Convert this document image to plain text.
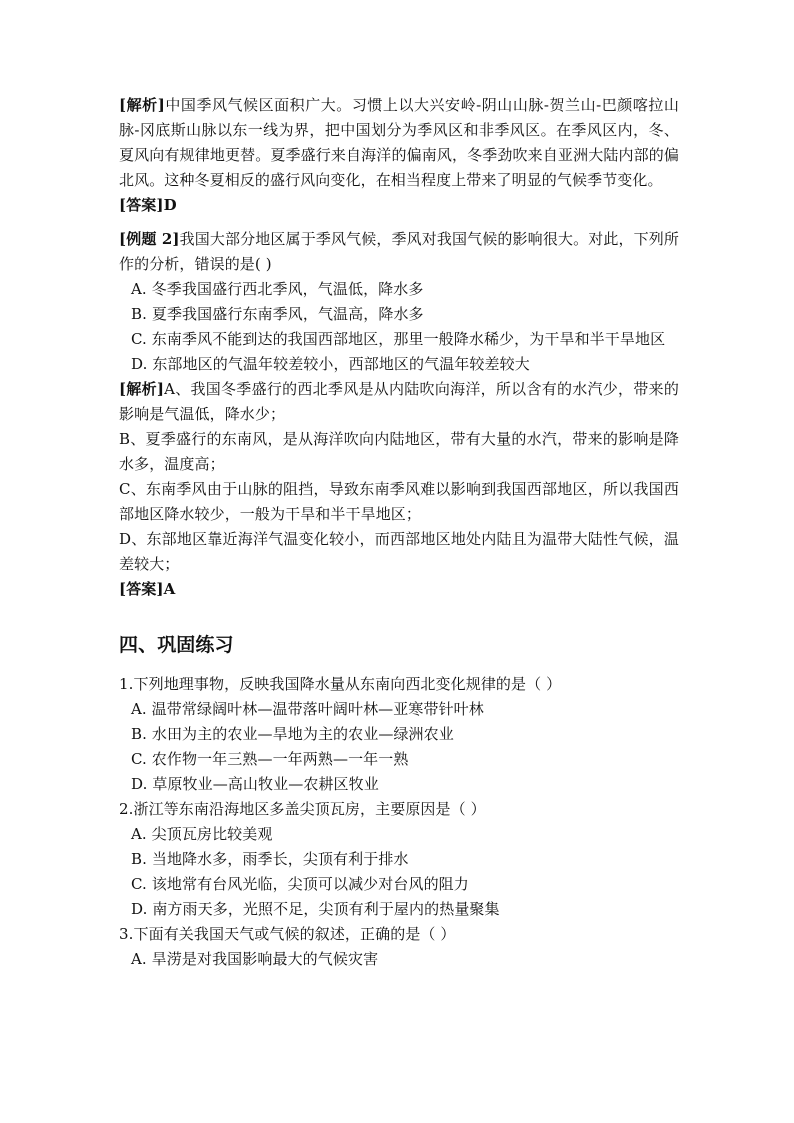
[解析]中国季风气候区面积广大。习惯上以大兴安岭-阴山山脉-贺兰山-巴颜喀拉山脉-冈底斯山脉以东一线为界，把中国划分为季风区和非季风区。在季风区内，冬、夏风向有规律地更替。夏季盛行来自海洋的偏南风，冬季劲吹来自亚洲大陆内部的偏北风。这种冬夏相反的盛行风向变化，在相当程度上带来了明显的气候季节变化。

[答案]D

[例题 2]我国大部分地区属于季风气候，季风对我国气候的影响很大。对此，下列所作的分析，错误的是( )

A. 冬季我国盛行西北季风，气温低，降水多

B. 夏季我国盛行东南季风，气温高，降水多

C. 东南季风不能到达的我国西部地区，那里一般降水稀少，为干旱和半干旱地区

D. 东部地区的气温年较差较小，西部地区的气温年较差较大

[解析]A、我国冬季盛行的西北季风是从内陆吹向海洋，所以含有的水汽少，带来的影响是气温低，降水少；

B、夏季盛行的东南风，是从海洋吹向内陆地区，带有大量的水汽，带来的影响是降水多，温度高；

C、东南季风由于山脉的阻挡，导致东南季风难以影响到我国西部地区，所以我国西部地区降水较少，一般为干旱和半干旱地区；

D、东部地区靠近海洋气温变化较小，而西部地区地处内陆且为温带大陆性气候，温差较大；

[答案]A

四、巩固练习

1.下列地理事物，反映我国降水量从东南向西北变化规律的是（ ）

A. 温带常绿阔叶林—温带落叶阔叶林—亚寒带针叶林

B. 水田为主的农业—旱地为主的农业—绿洲农业

C. 农作物一年三熟—一年两熟—一年一熟

D. 草原牧业—高山牧业—农耕区牧业

2.浙江等东南沿海地区多盖尖顶瓦房，主要原因是（ ）

A. 尖顶瓦房比较美观

B. 当地降水多，雨季长，尖顶有利于排水

C. 该地常有台风光临，尖顶可以减少对台风的阻力

D. 南方雨天多，光照不足，尖顶有利于屋内的热量聚集

3.下面有关我国天气或气候的叙述，正确的是（ ）

A. 旱涝是对我国影响最大的气候灾害
